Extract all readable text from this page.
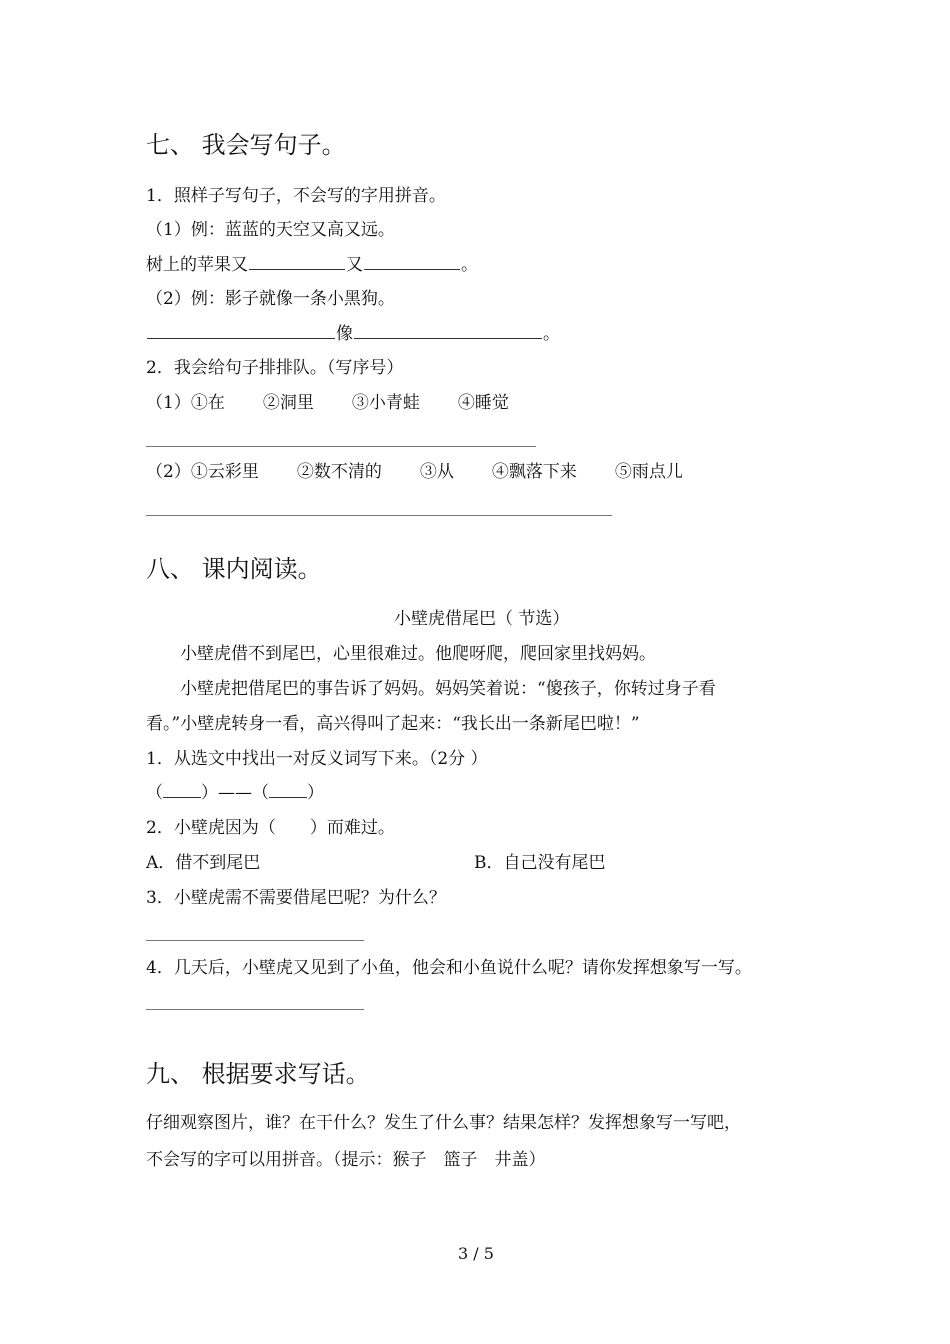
七、 我会写句子。
1．照样子写句子，不会写的字用拼音。
（1）例：蓝蓝的天空又高又远。
树上的苹果又	又	。
（2）例：影子就像一条小黑狗。
像	。
2．我会给句子排排队。（写序号）
（1）①在 ②洞里 ③小青蛙 ④睡觉
（2）①云彩里 ②数不清的 ③从 ④飘落下来 ⑤雨点儿
八、 课内阅读。
小壁虎借尾巴（ 节选）
小壁虎借不到尾巴，心里很难过。他爬呀爬，爬回家里找妈妈。
小壁虎把借尾巴的事告诉了妈妈。妈妈笑着说：“傻孩子，你转过身子看
看。”小壁虎转身一看，高兴得叫了起来：“我长出一条新尾巴啦！”
1．从选文中找出一对反义词写下来。（2分 ）
（ ）——（ ）
2．小壁虎因为（　　）而难过。
A．借不到尾巴	B．自己没有尾巴
3．小壁虎需不需要借尾巴呢？为什么？
4．几天后，小壁虎又见到了小鱼，他会和小鱼说什么呢？请你发挥想象写一写。
九、 根据要求写话。
仔细观察图片，谁？在干什么？发生了什么事？结果怎样？发挥想象写一写吧，
不会写的字可以用拼音。（提示：猴子　篮子　井盖）
3 / 5
